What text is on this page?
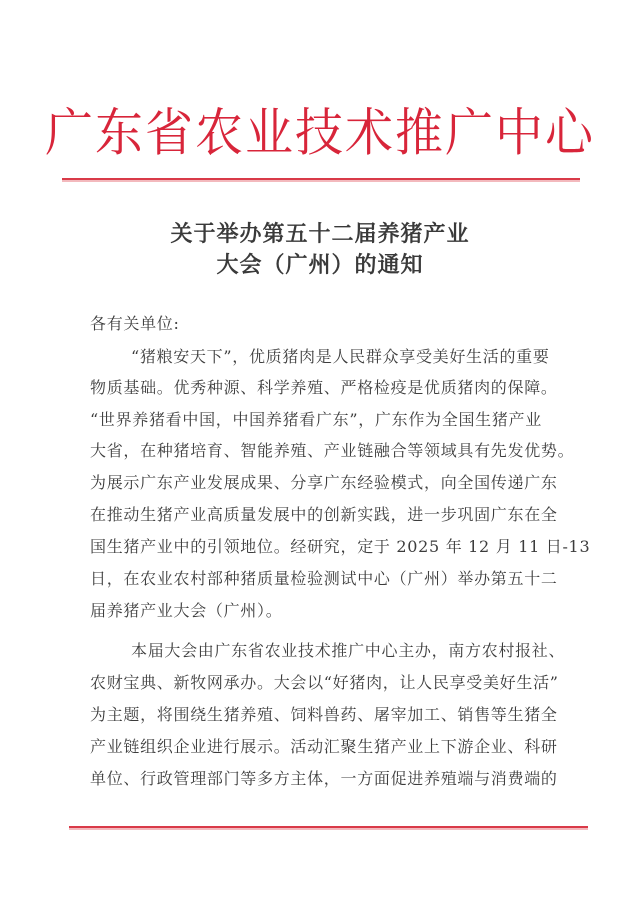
广东省农业技术推广中心
关于举办第五十二届养猪产业
大会（广州）的通知
各有关单位:
“猪粮安天下”，优质猪肉是人民群众享受美好生活的重要
物质基础。优秀种源、科学养殖、严格检疫是优质猪肉的保障。
“世界养猪看中国，中国养猪看广东”，广东作为全国生猪产业
大省，在种猪培育、智能养殖、产业链融合等领域具有先发优势。
为展示广东产业发展成果、分享广东经验模式，向全国传递广东
在推动生猪产业高质量发展中的创新实践，进一步巩固广东在全
国生猪产业中的引领地位。经研究，定于 2025 年 12 月 11 日-13
日，在农业农村部种猪质量检验测试中心（广州）举办第五十二
届养猪产业大会（广州）。
本届大会由广东省农业技术推广中心主办，南方农村报社、
农财宝典、新牧网承办。大会以“好猪肉，让人民享受美好生活”
为主题，将围绕生猪养殖、饲料兽药、屠宰加工、销售等生猪全
产业链组织企业进行展示。活动汇聚生猪产业上下游企业、科研
单位、行政管理部门等多方主体，一方面促进养殖端与消费端的
